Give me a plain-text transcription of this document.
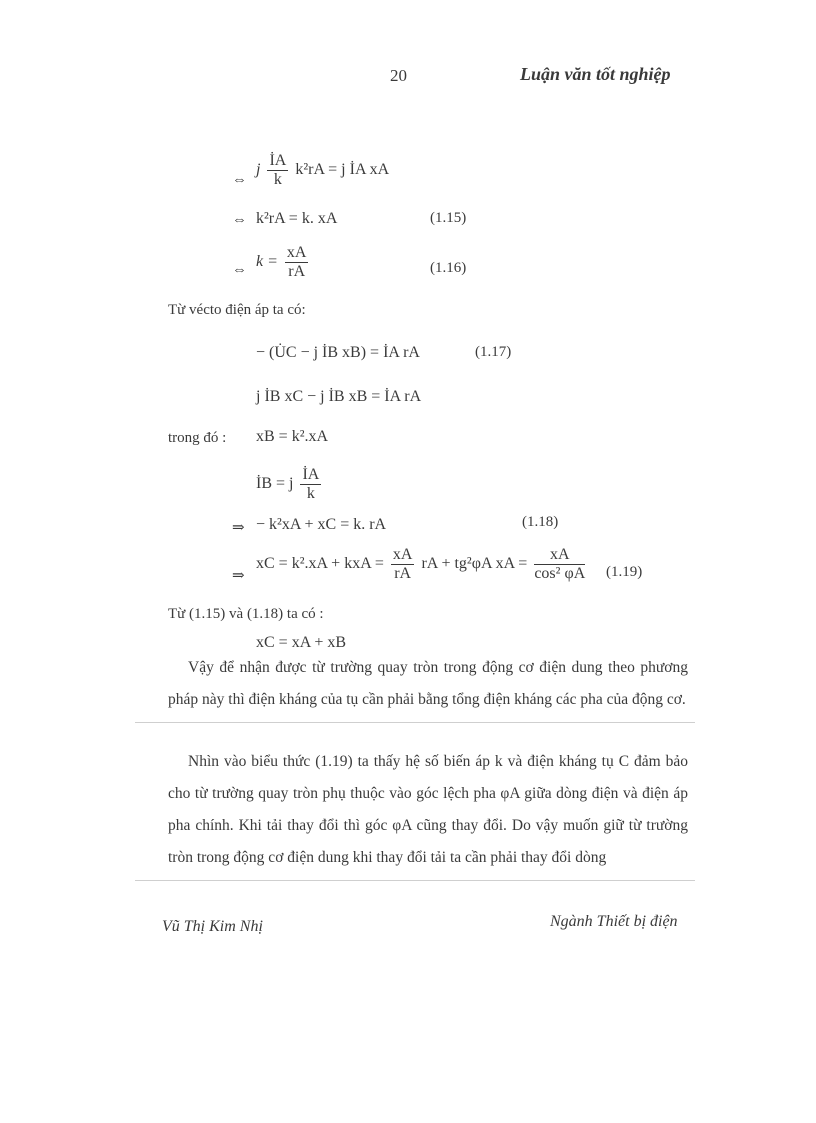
20	Luận văn tốt nghiệp
⇔
j $\frac{İA}{k} k^2rA = j$ İA xA
⇔ k²rA = k. xA	(1.15)
⇔ $k = \frac{xA}{rA}$	(1.16)
Từ vécto điện áp ta có:
− (U̇C − j İB xB) = İA rA	(1.17)
j İB xC − j İB xB = İA rA
trong đó : xB = k².xA
İB = j $\frac{İA}{k}$
⇒ − k²xA + xC = k. rA	(1.18)
⇒
xC = k².xA + kxA = $\frac{xA}{rA}$ rA + tg²φA xA = $\frac{xA}{\text{cos² φA}} (1.19)$
Từ (1.15) và (1.18) ta có :
xC = xA + xB
Vậy để nhận được từ trường quay tròn trong động cơ điện dung theo phương pháp này thì điện kháng của tụ cần phải bằng tổng điện kháng các pha của động cơ.
Nhìn vào biểu thức (1.19) ta thấy hệ số biến áp k và điện kháng tụ C đảm bảo cho từ trường quay tròn phụ thuộc vào góc lệch pha φA giữa dòng điện và điện áp pha chính. Khi tải thay đổi thì góc φA cũng thay đổi. Do vậy muốn giữ từ trường tròn trong động cơ điện dung khi thay đổi tải ta cần phải thay đổi dòng
Vũ Thị Kim Nhị	Ngành Thiết bị điện
